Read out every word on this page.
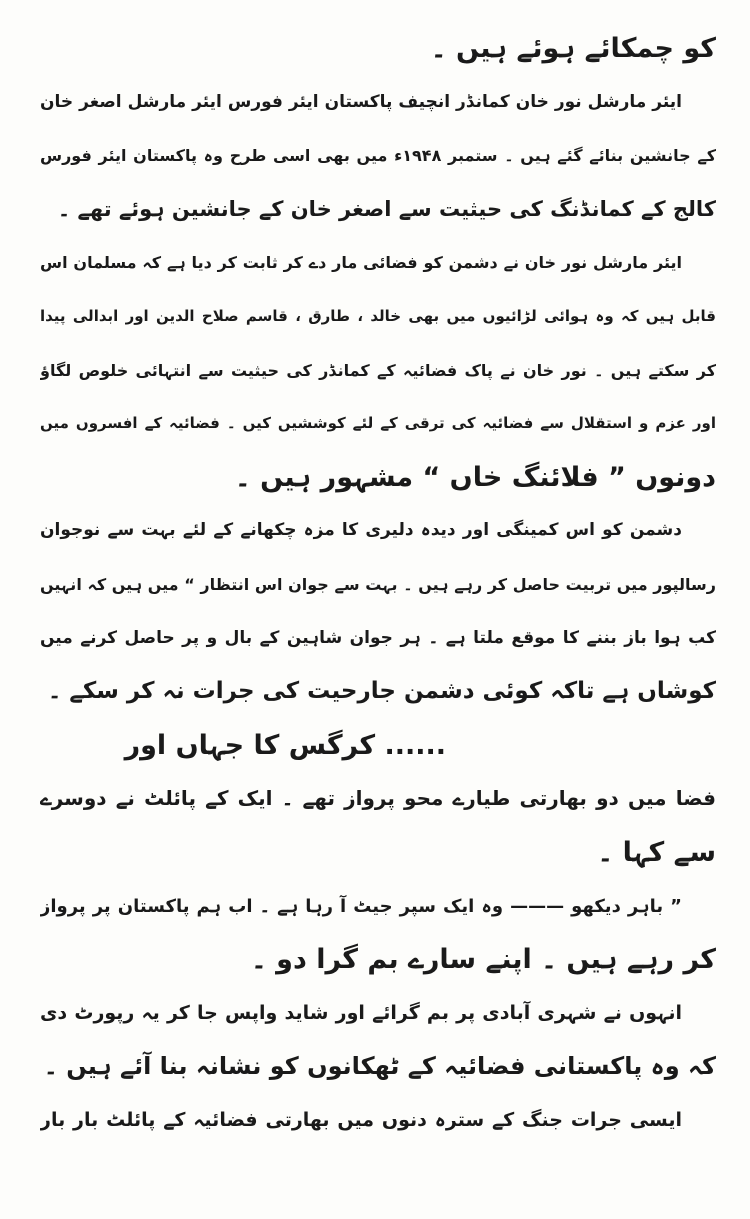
کو چمکائے ہوئے ہیں ۔
ایئر مارشل نور خان کمانڈر انچیف پاکستان ایئر فورس ایئر مارشل اصغر خان
کے جانشین بنائے گئے ہیں ۔ ستمبر ۱۹۴۸ء میں بھی اسی طرح وہ پاکستان ایئر فورس
کالج کے کمانڈنگ کی حیثیت سے اصغر خان کے جانشین ہوئے تھے ۔
ایئر مارشل نور خان نے دشمن کو فضائی مار دے کر ثابت کر دیا ہے کہ مسلمان اس
قابل ہیں کہ وہ ہوائی لڑائیوں میں بھی خالد ، طارق ، قاسم صلاح الدین اور ابدالی پیدا
کر سکتے ہیں ۔ نور خان نے پاک فضائیہ کے کمانڈر کی حیثیت سے انتہائی خلوص لگاؤ
اور عزم و استقلال سے فضائیہ کی ترقی کے لئے کوششیں کیں ۔ فضائیہ کے افسروں میں
دونوں ” فلائنگ خاں “ مشہور ہیں ۔
دشمن کو اس کمینگی اور دیدہ دلیری کا مزہ چکھانے کے لئے بہت سے نوجوان
رسالپور میں تربیت حاصل کر رہے ہیں ۔ بہت سے جوان اس انتظار “ میں ہیں کہ انہیں
کب ہوا باز بننے کا موقع ملتا ہے ۔ ہر جوان شاہین کے بال و پر حاصل کرنے میں
کوشاں ہے تاکہ کوئی دشمن جارحیت کی جرات نہ کر سکے ۔
...... کرگس کا جہاں اور
فضا میں دو بھارتی طیارے محو پرواز تھے ۔ ایک کے پائلٹ نے دوسرے
سے کہا ۔
” باہر دیکھو ——— وہ ایک سپر جیٹ آ رہا ہے ۔ اب ہم پاکستان پر پرواز
کر رہے ہیں ۔ اپنے سارے بم گرا دو ۔
انہوں نے شہری آبادی پر بم گرائے اور شاید واپس جا کر یہ رپورٹ دی
کہ وہ پاکستانی فضائیہ کے ٹھکانوں کو نشانہ بنا آئے ہیں ۔
ایسی جرات جنگ کے سترہ دنوں میں بھارتی فضائیہ کے پائلٹ بار بار
